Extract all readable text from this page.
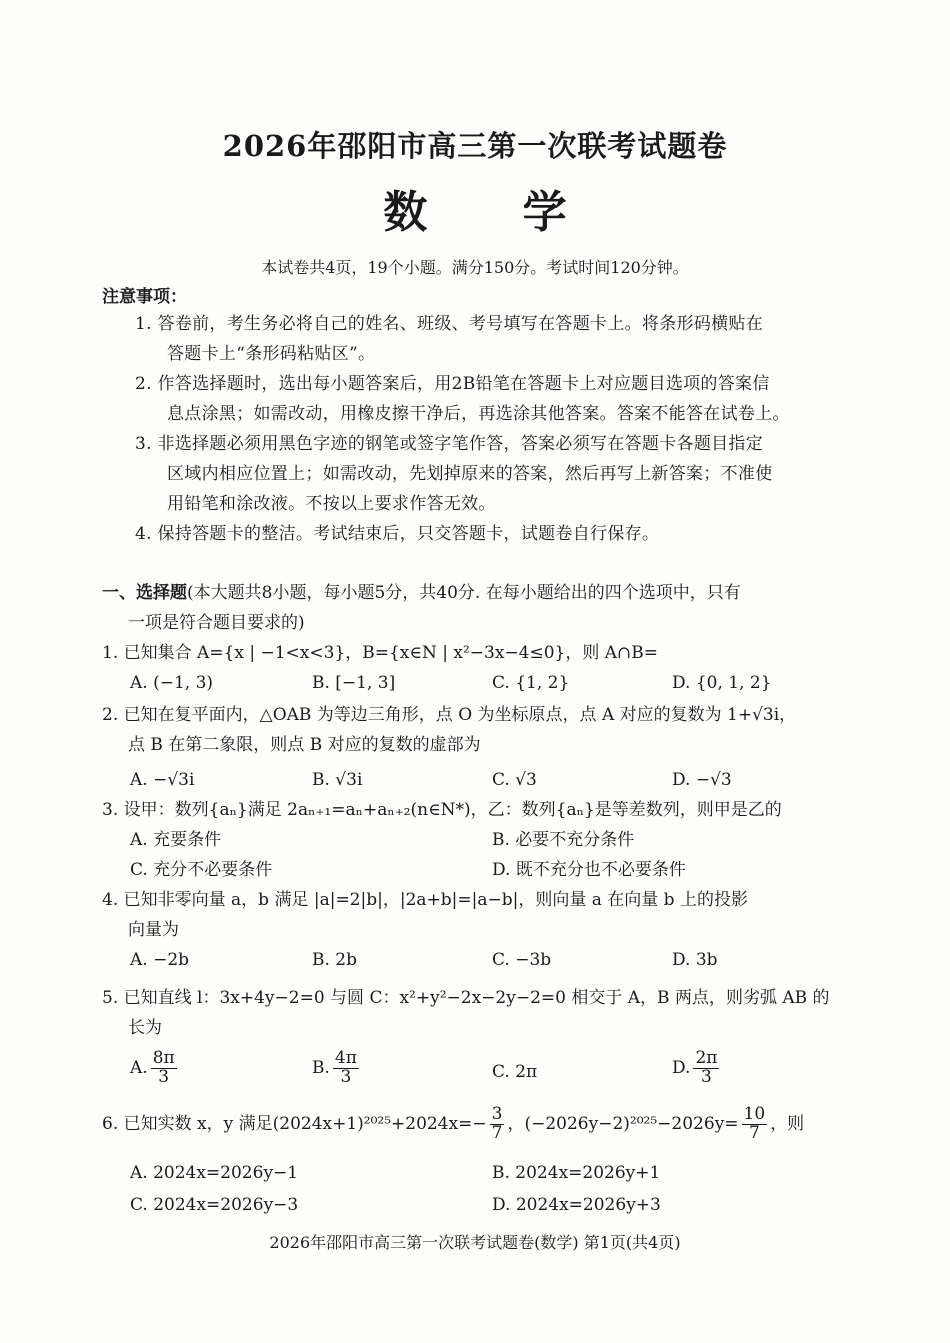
2026年邵阳市高三第一次联考试题卷
数 学
本试卷共4页，19个小题。满分150分。考试时间120分钟。
注意事项：
1. 答卷前，考生务必将自己的姓名、班级、考号填写在答题卡上。将条形码横贴在
答题卡上“条形码粘贴区”。
2. 作答选择题时，选出每小题答案后，用2B铅笔在答题卡上对应题目选项的答案信
息点涂黑；如需改动，用橡皮擦干净后，再选涂其他答案。答案不能答在试卷上。
3. 非选择题必须用黑色字迹的钢笔或签字笔作答，答案必须写在答题卡各题目指定
区域内相应位置上；如需改动，先划掉原来的答案，然后再写上新答案；不准使
用铅笔和涂改液。不按以上要求作答无效。
4. 保持答题卡的整洁。考试结束后，只交答题卡，试题卷自行保存。
一、选择题(本大题共8小题，每小题5分，共40分. 在每小题给出的四个选项中，只有
一项是符合题目要求的)
1. 已知集合 A={x | −1<x<3}，B={x∈N | x²−3x−4≤0}，则 A∩B=
A. (−1, 3)	B. [−1, 3]	C. {1, 2}	D. {0, 1, 2}
2. 已知在复平面内，△OAB 为等边三角形，点 O 为坐标原点，点 A 对应的复数为 1+√3i，
点 B 在第二象限，则点 B 对应的复数的虚部为
A. −√3i	B. √3i	C. √3	D. −√3
3. 设甲：数列{aₙ}满足 2aₙ₊₁=aₙ+aₙ₊₂(n∈N*)，乙：数列{aₙ}是等差数列，则甲是乙的
A. 充要条件	B. 必要不充分条件
C. 充分不必要条件	D. 既不充分也不必要条件
4. 已知非零向量 a，b 满足 |a|=2|b|，|2a+b|=|a−b|，则向量 a 在向量 b 上的投影
向量为
A. −2b	B. 2b	C. −3b	D. 3b
5. 已知直线 l：3x+4y−2=0 与圆 C：x²+y²−2x−2y−2=0 相交于 A，B 两点，则劣弧 AB 的
长为
A. $\frac{8\pi}{3}$	B. $\frac{4\pi}{3}$	C. 2π	D. $\frac{2\pi}{3}$
6. 已知实数 x，y 满足$(2024x+1)^{2025}+2024x=- \frac{3}{7}$ ，$(-2026y-2)^{2025}-2026y= \frac{10}{7}$ ，则
A. 2024x=2026y−1	B. 2024x=2026y+1
C. 2024x=2026y−3	D. 2024x=2026y+3
2026年邵阳市高三第一次联考试题卷(数学) 第1页(共4页)
